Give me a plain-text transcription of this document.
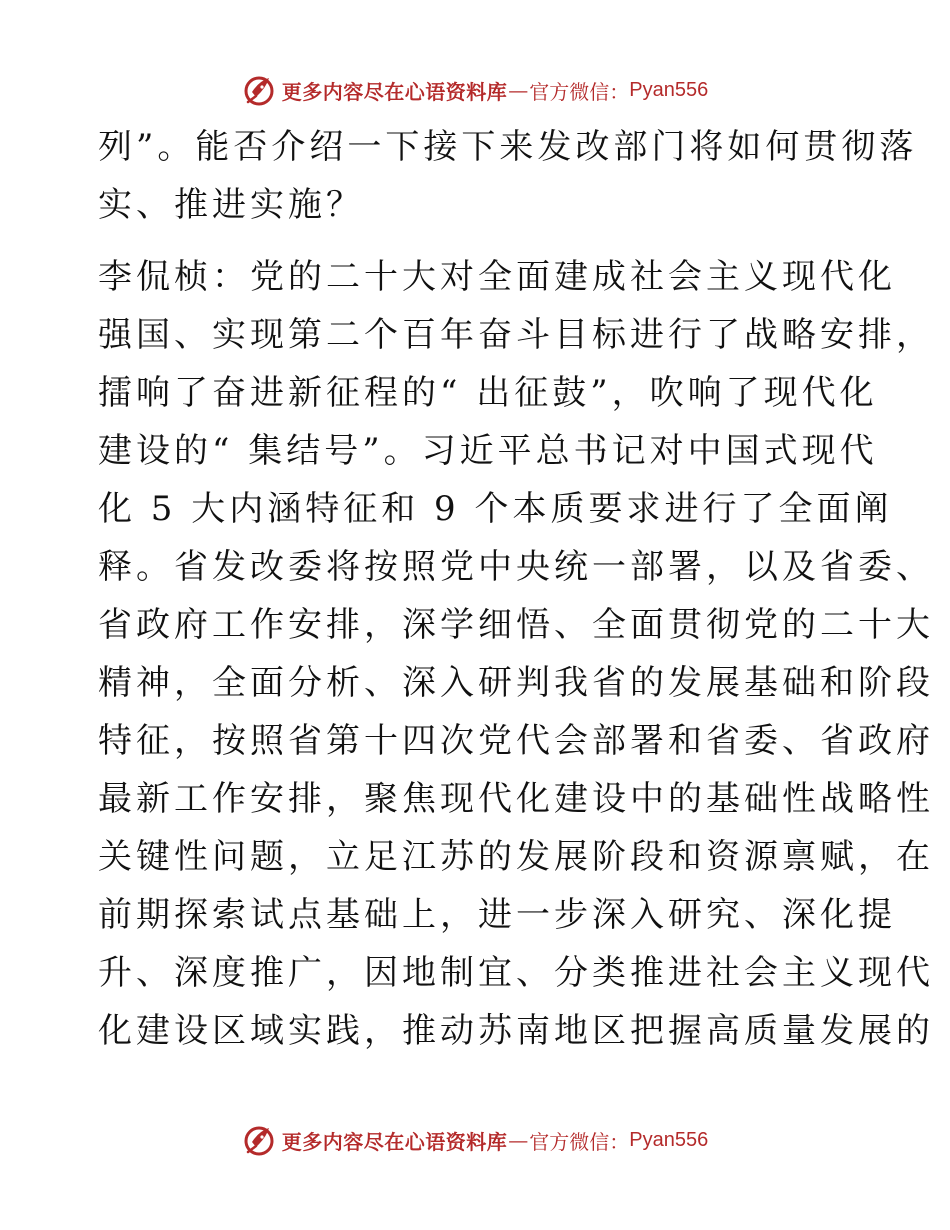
更多内容尽在心语资料库 — 官方微信： Pyan556
列”。能否介绍一下接下来发改部门将如何贯彻落
实、推进实施？
李侃桢：党的二十大对全面建成社会主义现代化
强国、实现第二个百年奋斗目标进行了战略安排，
擂响了奋进新征程的“ 出征鼓”，吹响了现代化
建设的“ 集结号”。习近平总书记对中国式现代
化 5 大内涵特征和 9 个本质要求进行了全面阐
释。省发改委将按照党中央统一部署，以及省委、
省政府工作安排，深学细悟、全面贯彻党的二十大
精神，全面分析、深入研判我省的发展基础和阶段
特征，按照省第十四次党代会部署和省委、省政府
最新工作安排，聚焦现代化建设中的基础性战略性
关键性问题，立足江苏的发展阶段和资源禀赋，在
前期探索试点基础上，进一步深入研究、深化提
升、深度推广，因地制宜、分类推进社会主义现代
化建设区域实践，推动苏南地区把握高质量发展的
更多内容尽在心语资料库 — 官方微信： Pyan556
